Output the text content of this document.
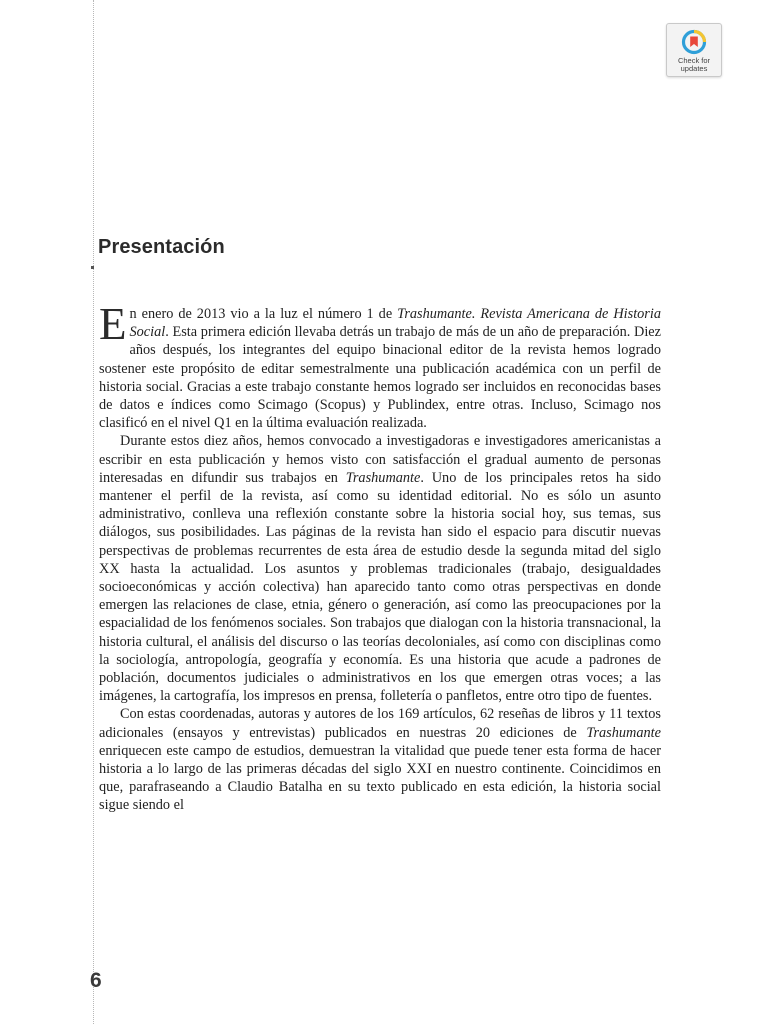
Check for
updates
Presentación

En enero de 2013 vio a la luz el número 1 de Trashumante. Revista Americana de Historia Social. Esta primera edición llevaba detrás un trabajo de más de un año de preparación. Diez años después, los integrantes del equipo binacional editor de la revista hemos logrado sostener este propósito de editar semestralmente una publicación académica con un perfil de historia social. Gracias a este trabajo constante hemos logrado ser incluidos en reconocidas bases de datos e índices como Scimago (Scopus) y Publindex, entre otras. Incluso, Scimago nos clasificó en el nivel Q1 en la última evaluación realizada.

Durante estos diez años, hemos convocado a investigadoras e investigadores americanistas a escribir en esta publicación y hemos visto con satisfacción el gradual aumento de personas interesadas en difundir sus trabajos en Trashumante. Uno de los principales retos ha sido mantener el perfil de la revista, así como su identidad editorial. No es sólo un asunto administrativo, conlleva una reflexión constante sobre la historia social hoy, sus temas, sus diálogos, sus posibilidades. Las páginas de la revista han sido el espacio para discutir nuevas perspectivas de problemas recurrentes de esta área de estudio desde la segunda mitad del siglo XX hasta la actualidad. Los asuntos y problemas tradicionales (trabajo, desigualdades socioeconómicas y acción colectiva) han aparecido tanto como otras perspectivas en donde emergen las relaciones de clase, etnia, género o generación, así como las preocupaciones por la espacialidad de los fenómenos sociales. Son trabajos que dialogan con la historia transnacional, la historia cultural, el análisis del discurso o las teorías decoloniales, así como con disciplinas como la sociología, antropología, geografía y economía. Es una historia que acude a padrones de población, documentos judiciales o administrativos en los que emergen otras voces; a las imágenes, la cartografía, los impresos en prensa, folletería o panfletos, entre otro tipo de fuentes.

Con estas coordenadas, autoras y autores de los 169 artículos, 62 reseñas de libros y 11 textos adicionales (ensayos y entrevistas) publicados en nuestras 20 ediciones de Trashumante enriquecen este campo de estudios, demuestran la vitalidad que puede tener esta forma de hacer historia a lo largo de las primeras décadas del siglo XXI en nuestro continente. Coincidimos en que, parafraseando a Claudio Batalha en su texto publicado en esta edición, la historia social sigue siendo el

6
